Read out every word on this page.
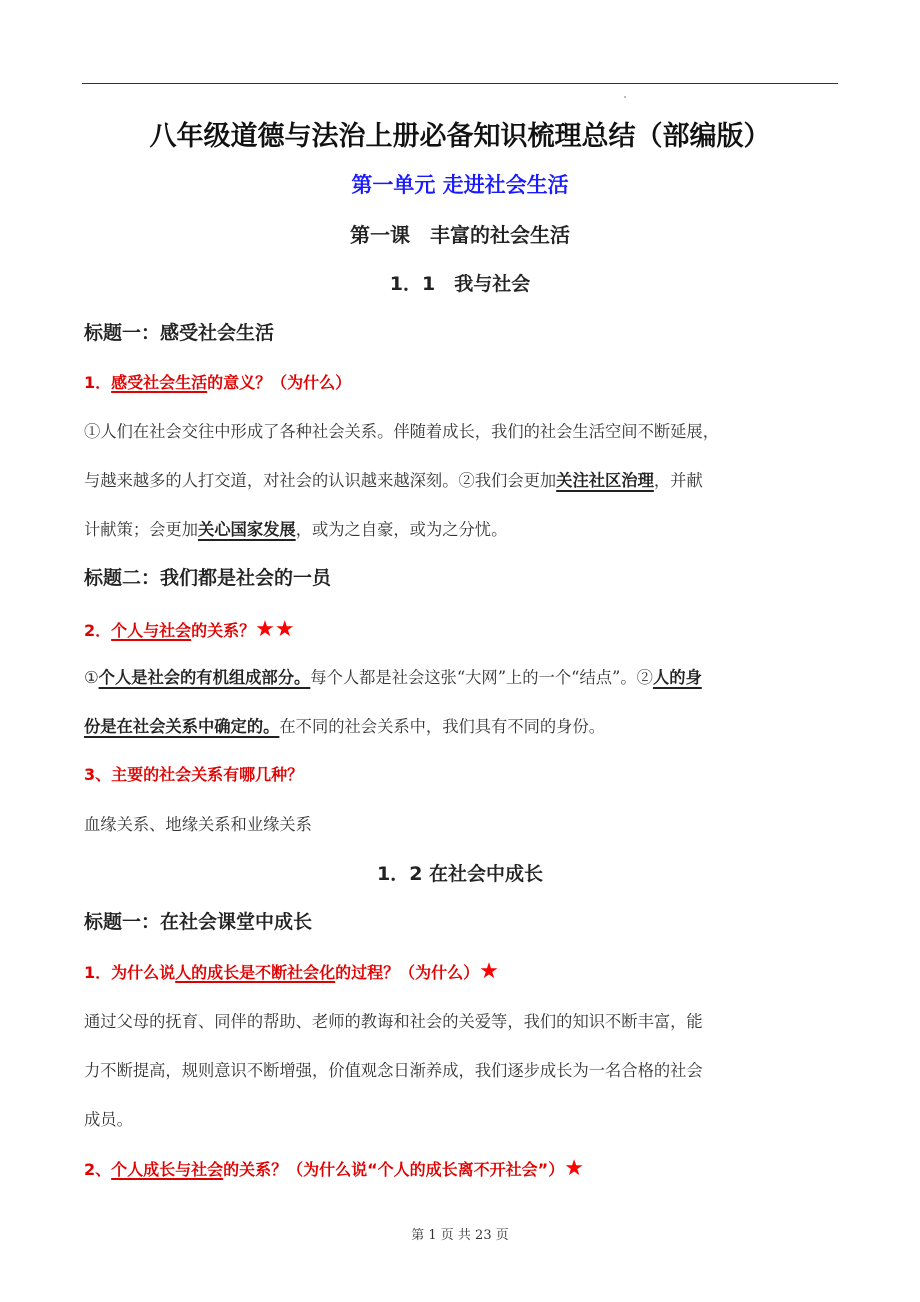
八年级道德与法治上册必备知识梳理总结（部编版）
第一单元 走进社会生活
第一课　丰富的社会生活
1．1　我与社会
标题一：感受社会生活
1．感受社会生活的意义？（为什么）
①人们在社会交往中形成了各种社会关系。伴随着成长，我们的社会生活空间不断延展，
与越来越多的人打交道，对社会的认识越来越深刻。②我们会更加关注社区治理，并献
计献策；会更加关心国家发展，或为之自豪，或为之分忧。
标题二：我们都是社会的一员
2．个人与社会的关系？★★
①个人是社会的有机组成部分。每个人都是社会这张“大网”上的一个“结点”。②人的身
份是在社会关系中确定的。在不同的社会关系中，我们具有不同的身份。
3、主要的社会关系有哪几种？
血缘关系、地缘关系和业缘关系
1．2 在社会中成长
标题一：在社会课堂中成长
1．为什么说人的成长是不断社会化的过程？（为什么）★
通过父母的抚育、同伴的帮助、老师的教诲和社会的关爱等，我们的知识不断丰富，能
力不断提高，规则意识不断增强，价值观念日渐养成，我们逐步成长为一名合格的社会
成员。
2、个人成长与社会的关系？（为什么说“个人的成长离不开社会”）★
第 1 页 共 23 页
